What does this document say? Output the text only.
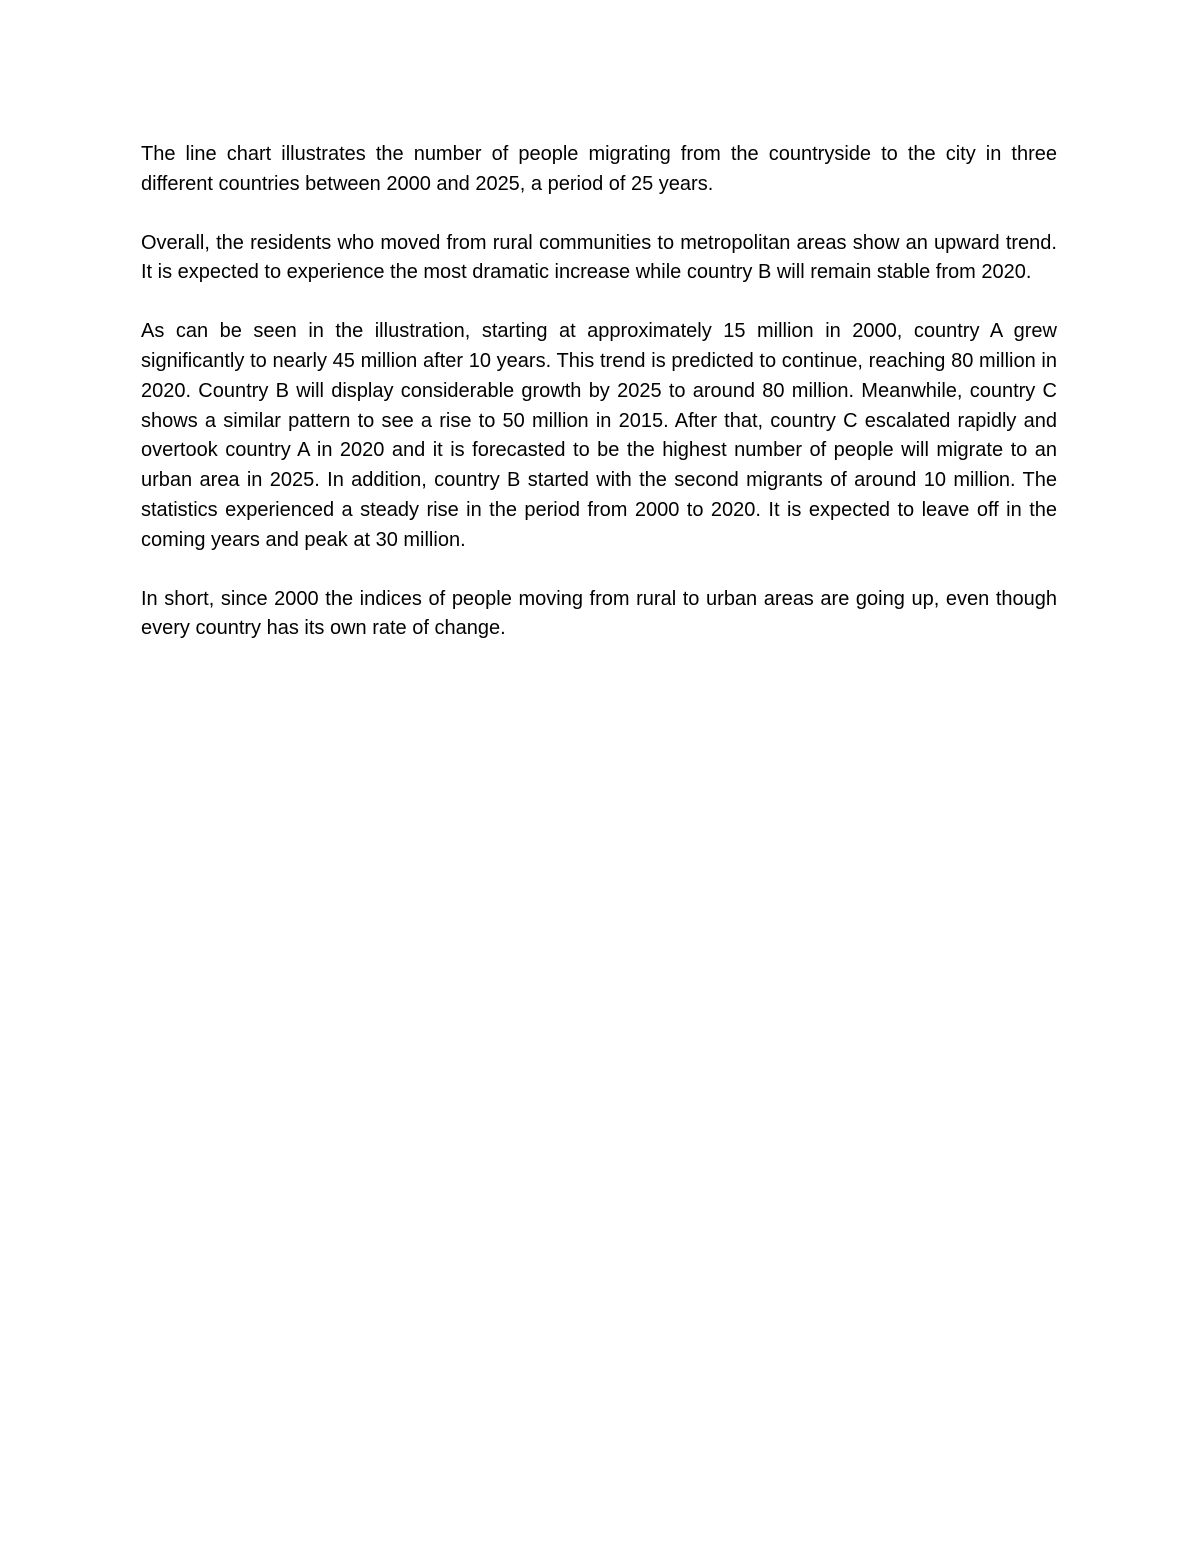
The line chart illustrates the number of people migrating from the countryside to the city in three different countries between 2000 and 2025, a period of 25 years.

Overall, the residents who moved from rural communities to metropolitan areas show an upward trend. It is expected to experience the most dramatic increase while country B will remain stable from 2020.

As can be seen in the illustration, starting at approximately 15 million in 2000, country A grew significantly to nearly 45 million after 10 years. This trend is predicted to continue, reaching 80 million in 2020. Country B will display considerable growth by 2025 to around 80 million. Meanwhile, country C shows a similar pattern to see a rise to 50 million in 2015. After that, country C escalated rapidly and overtook country A in 2020 and it is forecasted to be the highest number of people will migrate to an urban area in 2025. In addition, country B started with the second migrants of around 10 million. The statistics experienced a steady rise in the period from 2000 to 2020. It is expected to leave off in the coming years and peak at 30 million.

In short, since 2000 the indices of people moving from rural to urban areas are going up, even though every country has its own rate of change.
